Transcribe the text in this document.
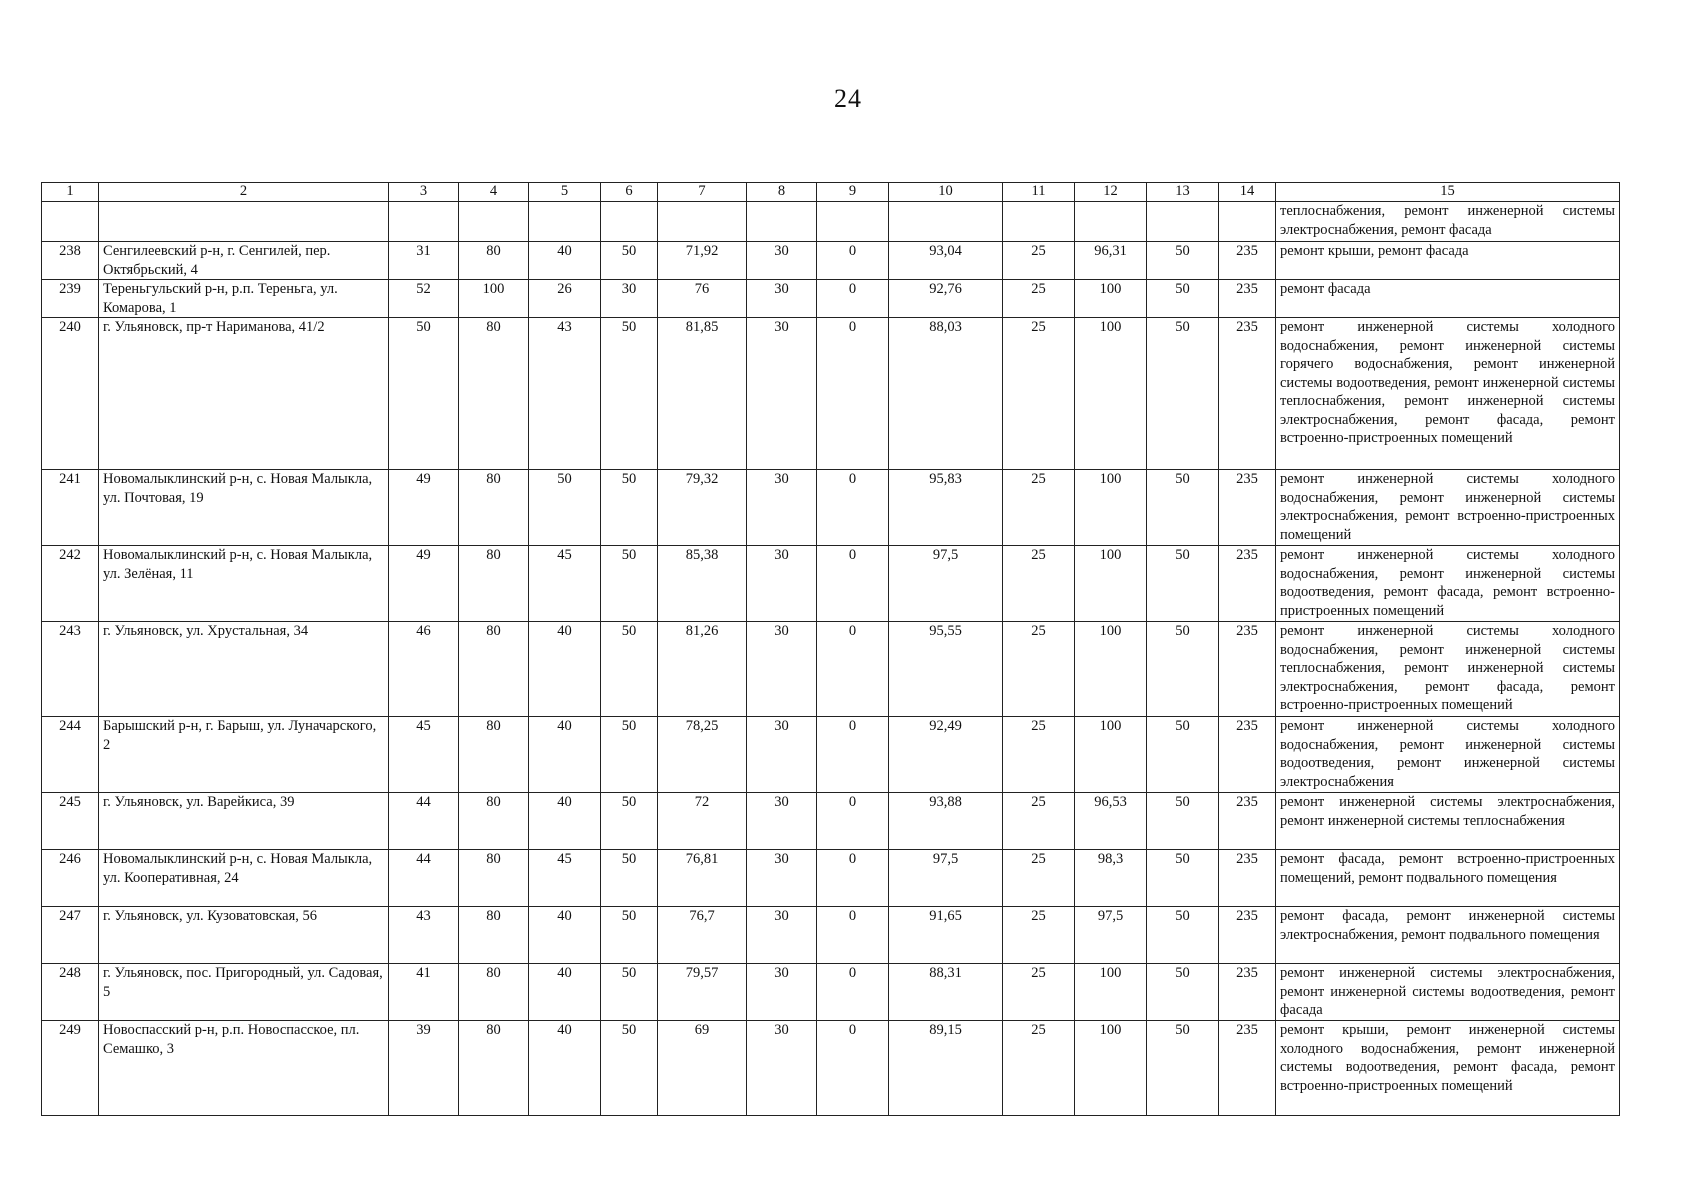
24
1	2	3	4	5	6	7	8	9	10	11	12	13	14	15
														теплоснабжения, ремонт инженерной системы электроснабжения, ремонт фасада
238	Сенгилеевский р-н, г. Сенгилей, пер. Октябрьский, 4	31	80	40	50	71,92	30	0	93,04	25	96,31	50	235	ремонт крыши, ремонт фасада
239	Тереньгульский р-н, р.п. Тереньга, ул. Комарова, 1	52	100	26	30	76	30	0	92,76	25	100	50	235	ремонт фасада
240	г. Ульяновск, пр-т Нариманова, 41/2	50	80	43	50	81,85	30	0	88,03	25	100	50	235	ремонт инженерной системы холодного водоснабжения, ремонт инженерной системы горячего водоснабжения, ремонт инженерной системы водоотведения, ремонт инженерной системы теплоснабжения, ремонт инженерной системы электроснабжения, ремонт фасада, ремонт встроенно-пристроенных помещений
241	Новомалыклинский р-н, с. Новая Малыкла, ул. Почтовая, 19	49	80	50	50	79,32	30	0	95,83	25	100	50	235	ремонт инженерной системы холодного водоснабжения, ремонт инженерной системы электроснабжения, ремонт встроенно-пристроенных помещений
242	Новомалыклинский р-н, с. Новая Малыкла, ул. Зелёная, 11	49	80	45	50	85,38	30	0	97,5	25	100	50	235	ремонт инженерной системы холодного водоснабжения, ремонт инженерной системы водоотведения, ремонт фасада, ремонт встроенно-пристроенных помещений
243	г. Ульяновск, ул. Хрустальная, 34	46	80	40	50	81,26	30	0	95,55	25	100	50	235	ремонт инженерной системы холодного водоснабжения, ремонт инженерной системы теплоснабжения, ремонт инженерной системы электроснабжения, ремонт фасада, ремонт встроенно-пристроенных помещений
244	Барышский р-н, г. Барыш, ул. Луначарского, 2	45	80	40	50	78,25	30	0	92,49	25	100	50	235	ремонт инженерной системы холодного водоснабжения, ремонт инженерной системы водоотведения, ремонт инженерной системы электроснабжения
245	г. Ульяновск, ул. Варейкиса, 39	44	80	40	50	72	30	0	93,88	25	96,53	50	235	ремонт инженерной системы электроснабжения, ремонт инженерной системы теплоснабжения
246	Новомалыклинский р-н, с. Новая Малыкла, ул. Кооперативная, 24	44	80	45	50	76,81	30	0	97,5	25	98,3	50	235	ремонт фасада, ремонт встроенно-пристроенных помещений, ремонт подвального помещения
247	г. Ульяновск, ул. Кузоватовская, 56	43	80	40	50	76,7	30	0	91,65	25	97,5	50	235	ремонт фасада, ремонт инженерной системы электроснабжения, ремонт подвального помещения
248	г. Ульяновск, пос. Пригородный, ул. Садовая, 5	41	80	40	50	79,57	30	0	88,31	25	100	50	235	ремонт инженерной системы электроснабжения, ремонт инженерной системы водоотведения, ремонт фасада
249	Новоспасский р-н, р.п. Новоспасское, пл. Семашко, 3	39	80	40	50	69	30	0	89,15	25	100	50	235	ремонт крыши, ремонт инженерной системы холодного водоснабжения, ремонт инженерной системы водоотведения, ремонт фасада, ремонт встроенно-пристроенных помещений
